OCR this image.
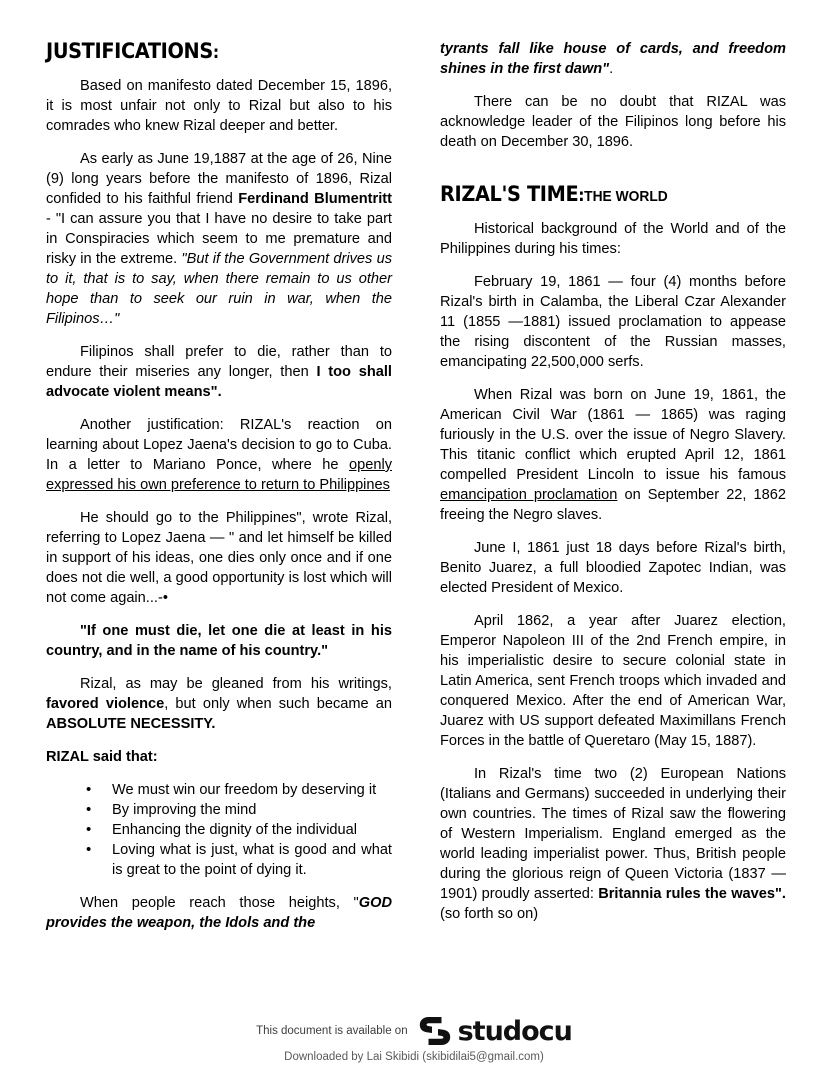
JUSTIFICATIONS:

Based on manifesto dated December 15, 1896, it is most unfair not only to Rizal but also to his comrades who knew Rizal deeper and better.

As early as June 19,1887 at the age of 26, Nine (9) long years before the manifesto of 1896, Rizal confided to his faithful friend Ferdinand Blumentritt - "I can assure you that I have no desire to take part in Conspiracies which seem to me premature and risky in the extreme. "But if the Government drives us to it, that is to say, when there remain to us other hope than to seek our ruin in war, when the Filipinos…"

Filipinos shall prefer to die, rather than to endure their miseries any longer, then I too shall advocate violent means".

Another justification: RIZAL's reaction on learning about Lopez Jaena's decision to go to Cuba. In a letter to Mariano Ponce, where he openly expressed his own preference to return to Philippines

He should go to the Philippines", wrote Rizal, referring to Lopez Jaena — " and let himself be killed in support of his ideas, one dies only once and if one does not die well, a good opportunity is lost which will not come again...-•

"If one must die, let one die at least in his country, and in the name of his country."

Rizal, as may be gleaned from his writings, favored violence, but only when such became an ABSOLUTE NECESSITY.

RIZAL said that:

• We must win our freedom by deserving it
• By improving the mind
• Enhancing the dignity of the individual
• Loving what is just, what is good and what is great to the point of dying it.

When people reach those heights, "GOD provides the weapon, the Idols and the

tyrants fall like house of cards, and freedom shines in the first dawn".

There can be no doubt that RIZAL was acknowledge leader of the Filipinos long before his death on December 30, 1896.

RIZAL'S TIME:THE WORLD

Historical background of the World and of the Philippines during his times:

February 19, 1861 — four (4) months before Rizal's birth in Calamba, the Liberal Czar Alexander 11 (1855 —1881) issued proclamation to appease the rising discontent of the Russian masses, emancipating 22,500,000 serfs.

When Rizal was born on June 19, 1861, the American Civil War (1861 — 1865) was raging furiously in the U.S. over the issue of Negro Slavery. This titanic conflict which erupted April 12, 1861 compelled President Lincoln to issue his famous emancipation proclamation on September 22, 1862 freeing the Negro slaves.

June I, 1861 just 18 days before Rizal's birth, Benito Juarez, a full bloodied Zapotec Indian, was elected President of Mexico.

April 1862, a year after Juarez election, Emperor Napoleon III of the 2nd French empire, in his imperialistic desire to secure colonial state in Latin America, sent French troops which invaded and conquered Mexico. After the end of American War, Juarez with US support defeated Maximillans French Forces in the battle of Queretaro (May 15, 1887).

In Rizal's time two (2) European Nations (Italians and Germans) succeeded in underlying their own countries. The times of Rizal saw the flowering of Western Imperialism. England emerged as the world leading imperialist power. Thus, British people during the glorious reign of Queen Victoria (1837 — 1901) proudly asserted: Britannia rules the waves". (so forth so on)

This document is available on studocu
Downloaded by Lai Skibidi (skibidilai5@gmail.com)
